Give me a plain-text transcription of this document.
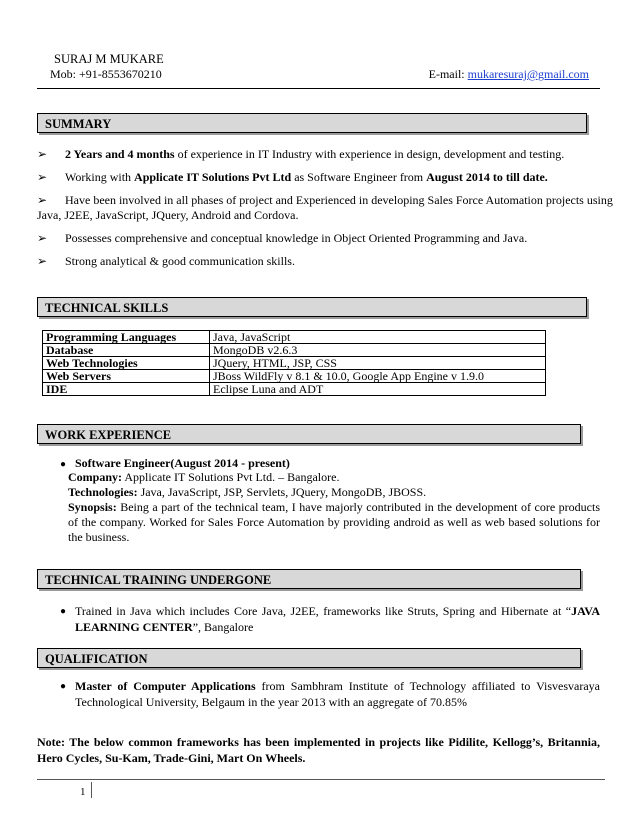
SURAJ M MUKARE
Mob: +91-8553670210	E-mail: mukaresuraj@gmail.com
SUMMARY
➢ 2 Years and 4 months of experience in IT Industry with experience in design, development and testing.
➢ Working with Applicate IT Solutions Pvt Ltd as Software Engineer from August 2014 to till date.
➢ Have been involved in all phases of project and Experienced in developing Sales Force Automation projects using
Java, J2EE, JavaScript, JQuery, Android and Cordova.
➢ Possesses comprehensive and conceptual knowledge in Object Oriented Programming and Java.
➢ Strong analytical & good communication skills.
TECHNICAL SKILLS
Programming Languages	Java, JavaScript
Database	MongoDB v2.6.3
Web Technologies	JQuery, HTML, JSP, CSS
Web Servers	JBoss WildFly v 8.1 & 10.0, Google App Engine v 1.9.0
IDE	Eclipse Luna and ADT
WORK EXPERIENCE
● Software Engineer(August 2014 - present)
Company: Applicate IT Solutions Pvt Ltd. – Bangalore.
Technologies: Java, JavaScript, JSP, Servlets, JQuery, MongoDB, JBOSS.
Synopsis: Being a part of the technical team, I have majorly contributed in the development of core products of the company. Worked for Sales Force Automation by providing android as well as web based solutions for the business.
TECHNICAL TRAINING UNDERGONE
● Trained in Java which includes Core Java, J2EE, frameworks like Struts, Spring and Hibernate at “JAVA LEARNING CENTER”, Bangalore
QUALIFICATION
● Master of Computer Applications from Sambhram Institute of Technology affiliated to Visvesvaraya Technological University, Belgaum in the year 2013 with an aggregate of 70.85%
Note: The below common frameworks has been implemented in projects like Pidilite, Kellogg’s, Britannia, Hero Cycles, Su-Kam, Trade-Gini, Mart On Wheels.
1
